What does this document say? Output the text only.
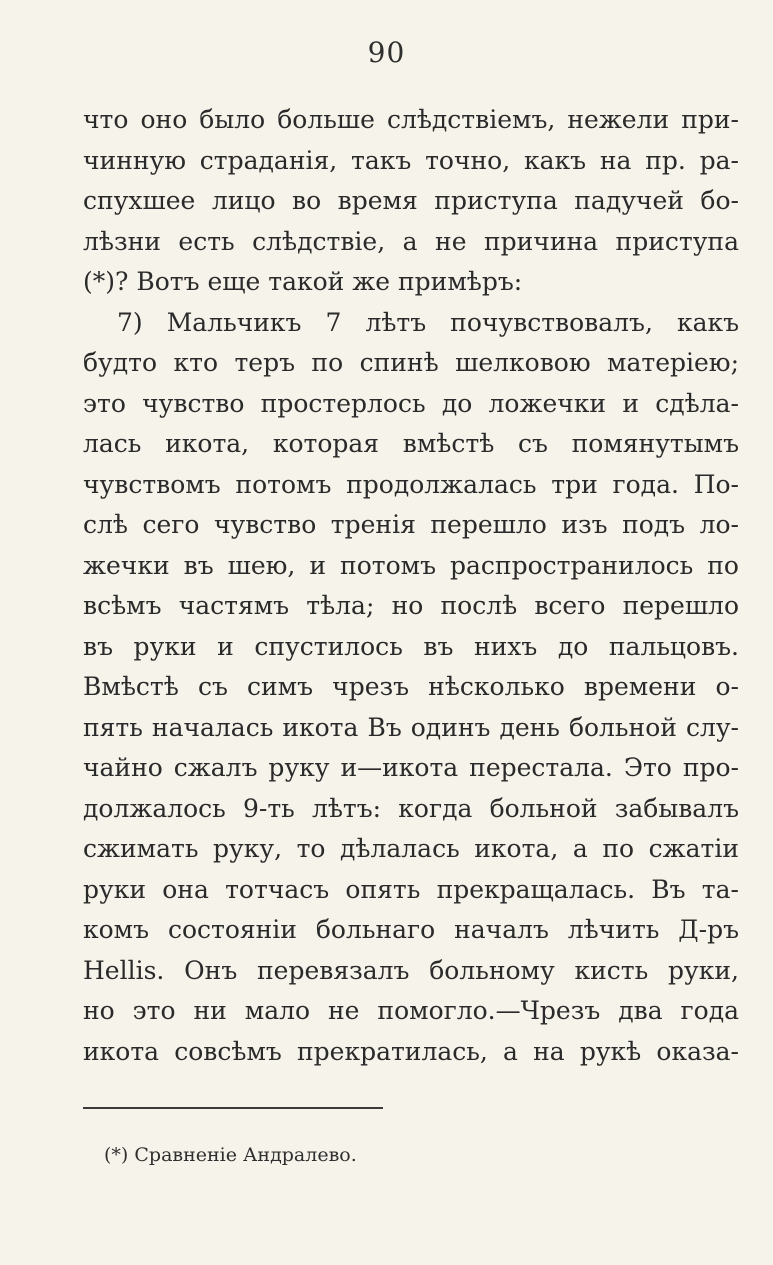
90
что оно было больше слѣдствіемъ, нежели при-
чинную страданія, такъ точно, какъ на пр. ра-
спухшее лицо во время приступа падучей бо-
лѣзни есть слѣдствіе, а не причина приступа
(*)? Вотъ еще такой же примѣръ:
7) Мальчикъ 7 лѣтъ почувствовалъ, какъ
будто кто теръ по спинѣ шелковою матеріею;
это чувство простерлось до ложечки и сдѣла-
лась икота, которая вмѣстѣ съ помянутымъ
чувствомъ потомъ продолжалась три года. По-
слѣ сего чувство тренія перешло изъ подъ ло-
жечки въ шею, и потомъ распространилось по
всѣмъ частямъ тѣла; но послѣ всего перешло
въ руки и спустилось въ нихъ до пальцовъ.
Вмѣстѣ съ симъ чрезъ нѣсколько времени о-
пять началась икота Въ одинъ день больной слу-
чайно сжалъ руку и—икота перестала. Это про-
должалось 9-ть лѣтъ: когда больной забывалъ
сжимать руку, то дѣлалась икота, а по сжатіи
руки она тотчасъ опять прекращалась. Въ та-
комъ состояніи больнаго началъ лѣчить Д-ръ
Hellis. Онъ перевязалъ больному кисть руки,
но это ни мало не помогло.—Чрезъ два года
икота совсѣмъ прекратилась, а на рукѣ оказа-
(*) Сравненіе Андралево.
